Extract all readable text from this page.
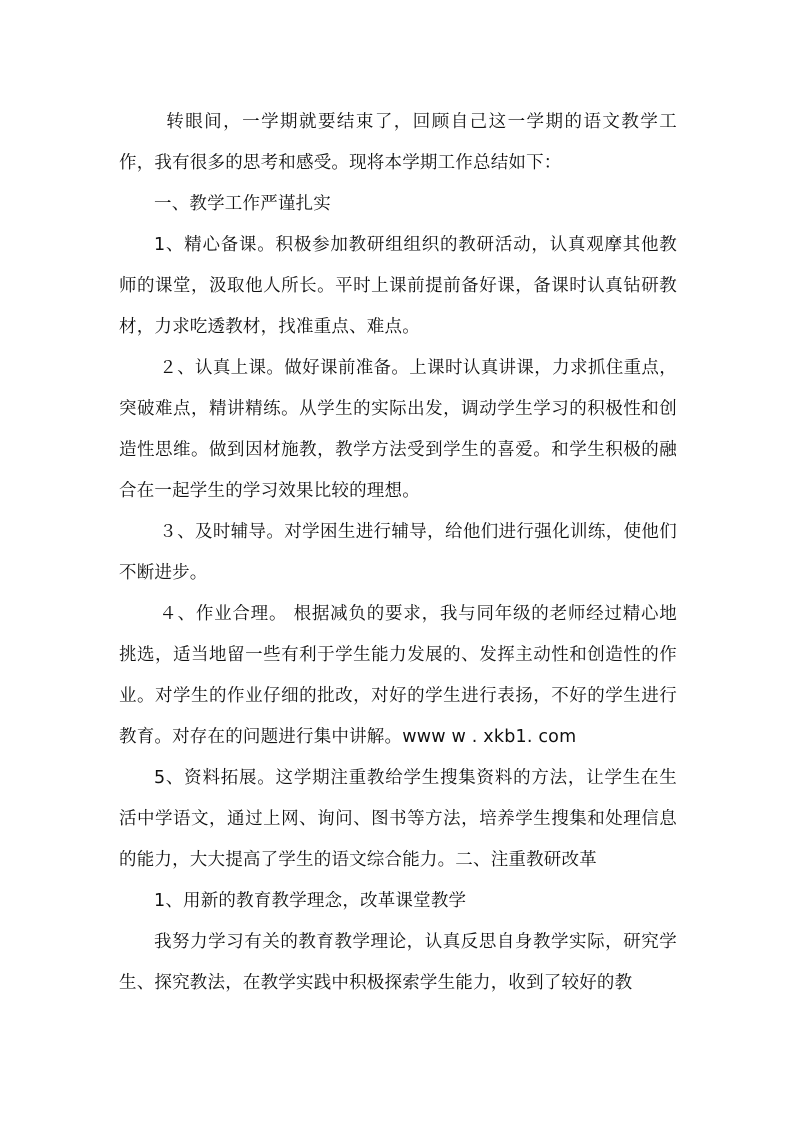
转眼间，一学期就要结束了，回顾自己这一学期的语文教学工作，我有很多的思考和感受。现将本学期工作总结如下：

一、教学工作严谨扎实

1、精心备课。积极参加教研组组织的教研活动，认真观摩其他教师的课堂，汲取他人所长。平时上课前提前备好课，备课时认真钻研教材，力求吃透教材，找准重点、难点。

２、认真上课。做好课前准备。上课时认真讲课，力求抓住重点，突破难点，精讲精练。从学生的实际出发，调动学生学习的积极性和创造性思维。做到因材施教，教学方法受到学生的喜爱。和学生积极的融合在一起学生的学习效果比较的理想。

３、及时辅导。对学困生进行辅导，给他们进行强化训练，使他们不断进步。

４、作业合理。 根据减负的要求，我与同年级的老师经过精心地挑选，适当地留一些有利于学生能力发展的、发挥主动性和创造性的作业。对学生的作业仔细的批改，对好的学生进行表扬，不好的学生进行教育。对存在的问题进行集中讲解。www w . xkb1. com

5、资料拓展。这学期注重教给学生搜集资料的方法，让学生在生活中学语文，通过上网、询问、图书等方法，培养学生搜集和处理信息的能力，大大提高了学生的语文综合能力。二、注重教研改革

1、用新的教育教学理念，改革课堂教学

我努力学习有关的教育教学理论，认真反思自身教学实际，研究学生、探究教法，在教学实践中积极探索学生能力，收到了较好的教
